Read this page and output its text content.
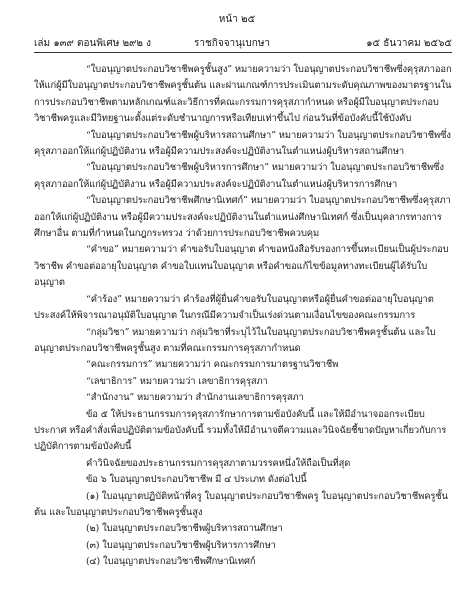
หน้า ๒๕
เล่ม ๑๓๙ ตอนพิเศษ ๒๙๒ ง	ราชกิจจานุเบกษา	๑๕ ธันวาคม ๒๕๖๕

“ใบอนุญาตประกอบวิชาชีพครูชั้นสูง” หมายความว่า ใบอนุญาตประกอบวิชาชีพซึ่งคุรุสภาออกให้แก่ผู้มีใบอนุญาตประกอบวิชาชีพครูชั้นต้น และผ่านเกณฑ์การประเมินตามระดับคุณภาพของมาตรฐานในการประกอบวิชาชีพตามหลักเกณฑ์และวิธีการที่คณะกรรมการคุรุสภากำหนด หรือผู้มีใบอนุญาตประกอบวิชาชีพครูและมีวิทยฐานะตั้งแต่ระดับชำนาญการหรือเทียบเท่าขึ้นไป ก่อนวันที่ข้อบังคับนี้ใช้บังคับ

“ใบอนุญาตประกอบวิชาชีพผู้บริหารสถานศึกษา” หมายความว่า ใบอนุญาตประกอบวิชาชีพซึ่งคุรุสภาออกให้แก่ผู้ปฏิบัติงาน หรือผู้มีความประสงค์จะปฏิบัติงานในตำแหน่งผู้บริหารสถานศึกษา

“ใบอนุญาตประกอบวิชาชีพผู้บริหารการศึกษา” หมายความว่า ใบอนุญาตประกอบวิชาชีพซึ่งคุรุสภาออกให้แก่ผู้ปฏิบัติงาน หรือผู้มีความประสงค์จะปฏิบัติงานในตำแหน่งผู้บริหารการศึกษา

“ใบอนุญาตประกอบวิชาชีพศึกษานิเทศก์” หมายความว่า ใบอนุญาตประกอบวิชาชีพซึ่งคุรุสภาออกให้แก่ผู้ปฏิบัติงาน หรือผู้มีความประสงค์จะปฏิบัติงานในตำแหน่งศึกษานิเทศก์ ซึ่งเป็นบุคลากรทางการศึกษาอื่น ตามที่กำหนดในกฎกระทรวง ว่าด้วยการประกอบวิชาชีพควบคุม

“คำขอ” หมายความว่า คำขอรับใบอนุญาต คำขอหนังสือรับรองการขึ้นทะเบียนเป็นผู้ประกอบวิชาชีพ คำขอต่ออายุใบอนุญาต คำขอใบแทนใบอนุญาต หรือคำขอแก้ไขข้อมูลทางทะเบียนผู้ได้รับใบอนุญาต

“คำร้อง” หมายความว่า คำร้องที่ผู้ยื่นคำขอรับใบอนุญาตหรือผู้ยื่นคำขอต่ออายุใบอนุญาตประสงค์ให้พิจารณาอนุมัติใบอนุญาต ในกรณีมีความจำเป็นเร่งด่วนตามเงื่อนไขของคณะกรรมการ

“กลุ่มวิชา” หมายความว่า กลุ่มวิชาที่ระบุไว้ในใบอนุญาตประกอบวิชาชีพครูชั้นต้น และใบอนุญาตประกอบวิชาชีพครูชั้นสูง ตามที่คณะกรรมการคุรุสภากำหนด

“คณะกรรมการ” หมายความว่า คณะกรรมการมาตรฐานวิชาชีพ

“เลขาธิการ” หมายความว่า เลขาธิการคุรุสภา

“สำนักงาน” หมายความว่า สำนักงานเลขาธิการคุรุสภา

ข้อ ๕ ให้ประธานกรรมการคุรุสภารักษาการตามข้อบังคับนี้ และให้มีอำนาจออกระเบียบ ประกาศ หรือคำสั่งเพื่อปฏิบัติตามข้อบังคับนี้ รวมทั้งให้มีอำนาจตีความและวินิจฉัยชี้ขาดปัญหาเกี่ยวกับการปฏิบัติการตามข้อบังคับนี้

คำวินิจฉัยของประธานกรรมการคุรุสภาตามวรรคหนึ่งให้ถือเป็นที่สุด

ข้อ ๖ ใบอนุญาตประกอบวิชาชีพ มี ๔ ประเภท ดังต่อไปนี้

(๑) ใบอนุญาตปฏิบัติหน้าที่ครู ใบอนุญาตประกอบวิชาชีพครู ใบอนุญาตประกอบวิชาชีพครูชั้นต้น และใบอนุญาตประกอบวิชาชีพครูชั้นสูง

(๒) ใบอนุญาตประกอบวิชาชีพผู้บริหารสถานศึกษา

(๓) ใบอนุญาตประกอบวิชาชีพผู้บริหารการศึกษา

(๔) ใบอนุญาตประกอบวิชาชีพศึกษานิเทศก์
